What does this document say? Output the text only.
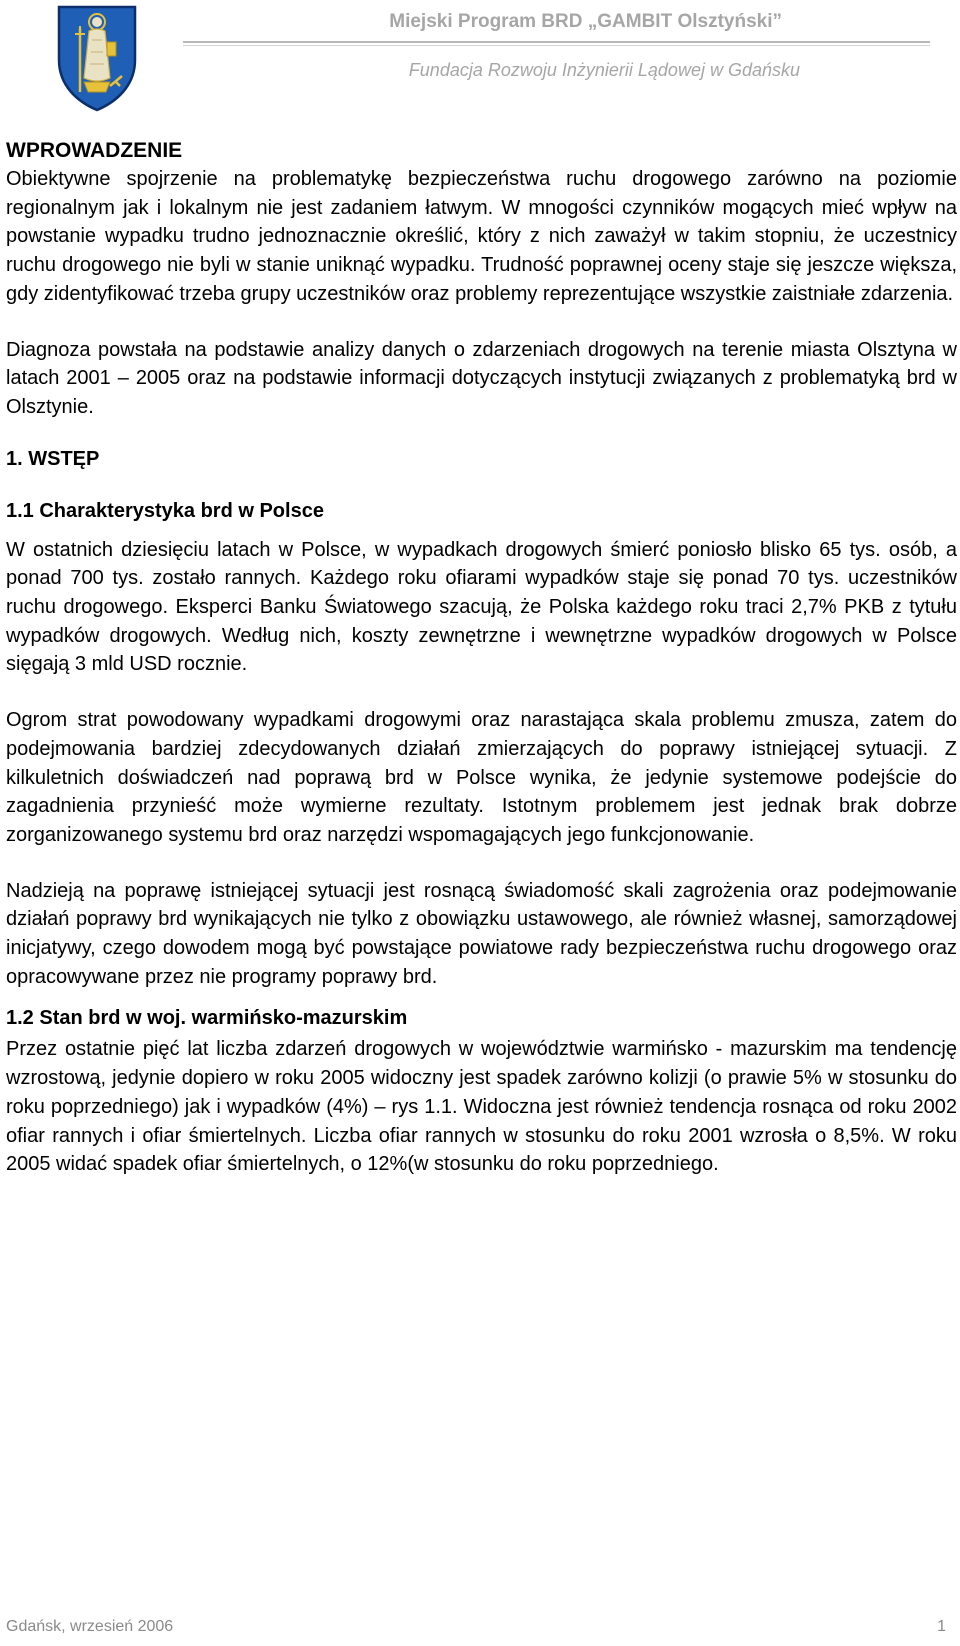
Miejski Program BRD „GAMBIT Olsztyński”
Fundacja Rozwoju Inżynierii Lądowej w Gdańsku
WPROWADZENIE

Obiektywne spojrzenie na problematykę bezpieczeństwa ruchu drogowego zarówno na poziomie regionalnym jak i lokalnym nie jest zadaniem łatwym. W mnogości czynników mogących mieć wpływ na powstanie wypadku trudno jednoznacznie określić, który z nich zaważył w takim stopniu, że uczestnicy ruchu drogowego nie byli w stanie uniknąć wypadku. Trudność poprawnej oceny staje się jeszcze większa, gdy zidentyfikować trzeba grupy uczestników oraz problemy reprezentujące wszystkie zaistniałe zdarzenia.

Diagnoza powstała na podstawie analizy danych o zdarzeniach drogowych na terenie miasta Olsztyna w latach 2001 – 2005 oraz na podstawie informacji dotyczących instytucji związanych z problematyką brd w Olsztynie.

1. WSTĘP
1.1 Charakterystyka brd w Polsce

W ostatnich dziesięciu latach w Polsce, w wypadkach drogowych śmierć poniosło blisko 65 tys. osób, a ponad 700 tys. zostało rannych. Każdego roku ofiarami wypadków staje się ponad 70 tys. uczestników ruchu drogowego. Eksperci Banku Światowego szacują, że Polska każdego roku traci 2,7% PKB z tytułu wypadków drogowych. Według nich, koszty zewnętrzne i wewnętrzne wypadków drogowych w Polsce sięgają 3 mld USD rocznie.

Ogrom strat powodowany wypadkami drogowymi oraz narastająca skala problemu zmusza, zatem do podejmowania bardziej zdecydowanych działań zmierzających do poprawy istniejącej sytuacji. Z kilkuletnich doświadczeń nad poprawą brd w Polsce wynika, że jedynie systemowe podejście do zagadnienia przynieść może wymierne rezultaty. Istotnym problemem jest jednak brak dobrze zorganizowanego systemu brd oraz narzędzi wspomagających jego funkcjonowanie.

Nadzieją na poprawę istniejącej sytuacji jest rosnącą świadomość skali zagrożenia oraz podejmowanie działań poprawy brd wynikających nie tylko z obowiązku ustawowego, ale również własnej, samorządowej inicjatywy, czego dowodem mogą być powstające powiatowe rady bezpieczeństwa ruchu drogowego oraz opracowywane przez nie programy poprawy brd.

1.2 Stan brd w woj. warmińsko-mazurskim

Przez ostatnie pięć lat liczba zdarzeń drogowych w województwie warmińsko - mazurskim ma tendencję wzrostową, jedynie dopiero w roku 2005 widoczny jest spadek zarówno kolizji (o prawie 5% w stosunku do roku poprzedniego) jak i wypadków (4%) – rys 1.1. Widoczna jest również tendencja rosnąca od roku 2002 ofiar rannych i ofiar śmiertelnych. Liczba ofiar rannych w stosunku do roku 2001 wzrosła o 8,5%. W roku 2005 widać spadek ofiar śmiertelnych, o 12%(w stosunku do roku poprzedniego.

Gdańsk, wrzesień 2006	1
